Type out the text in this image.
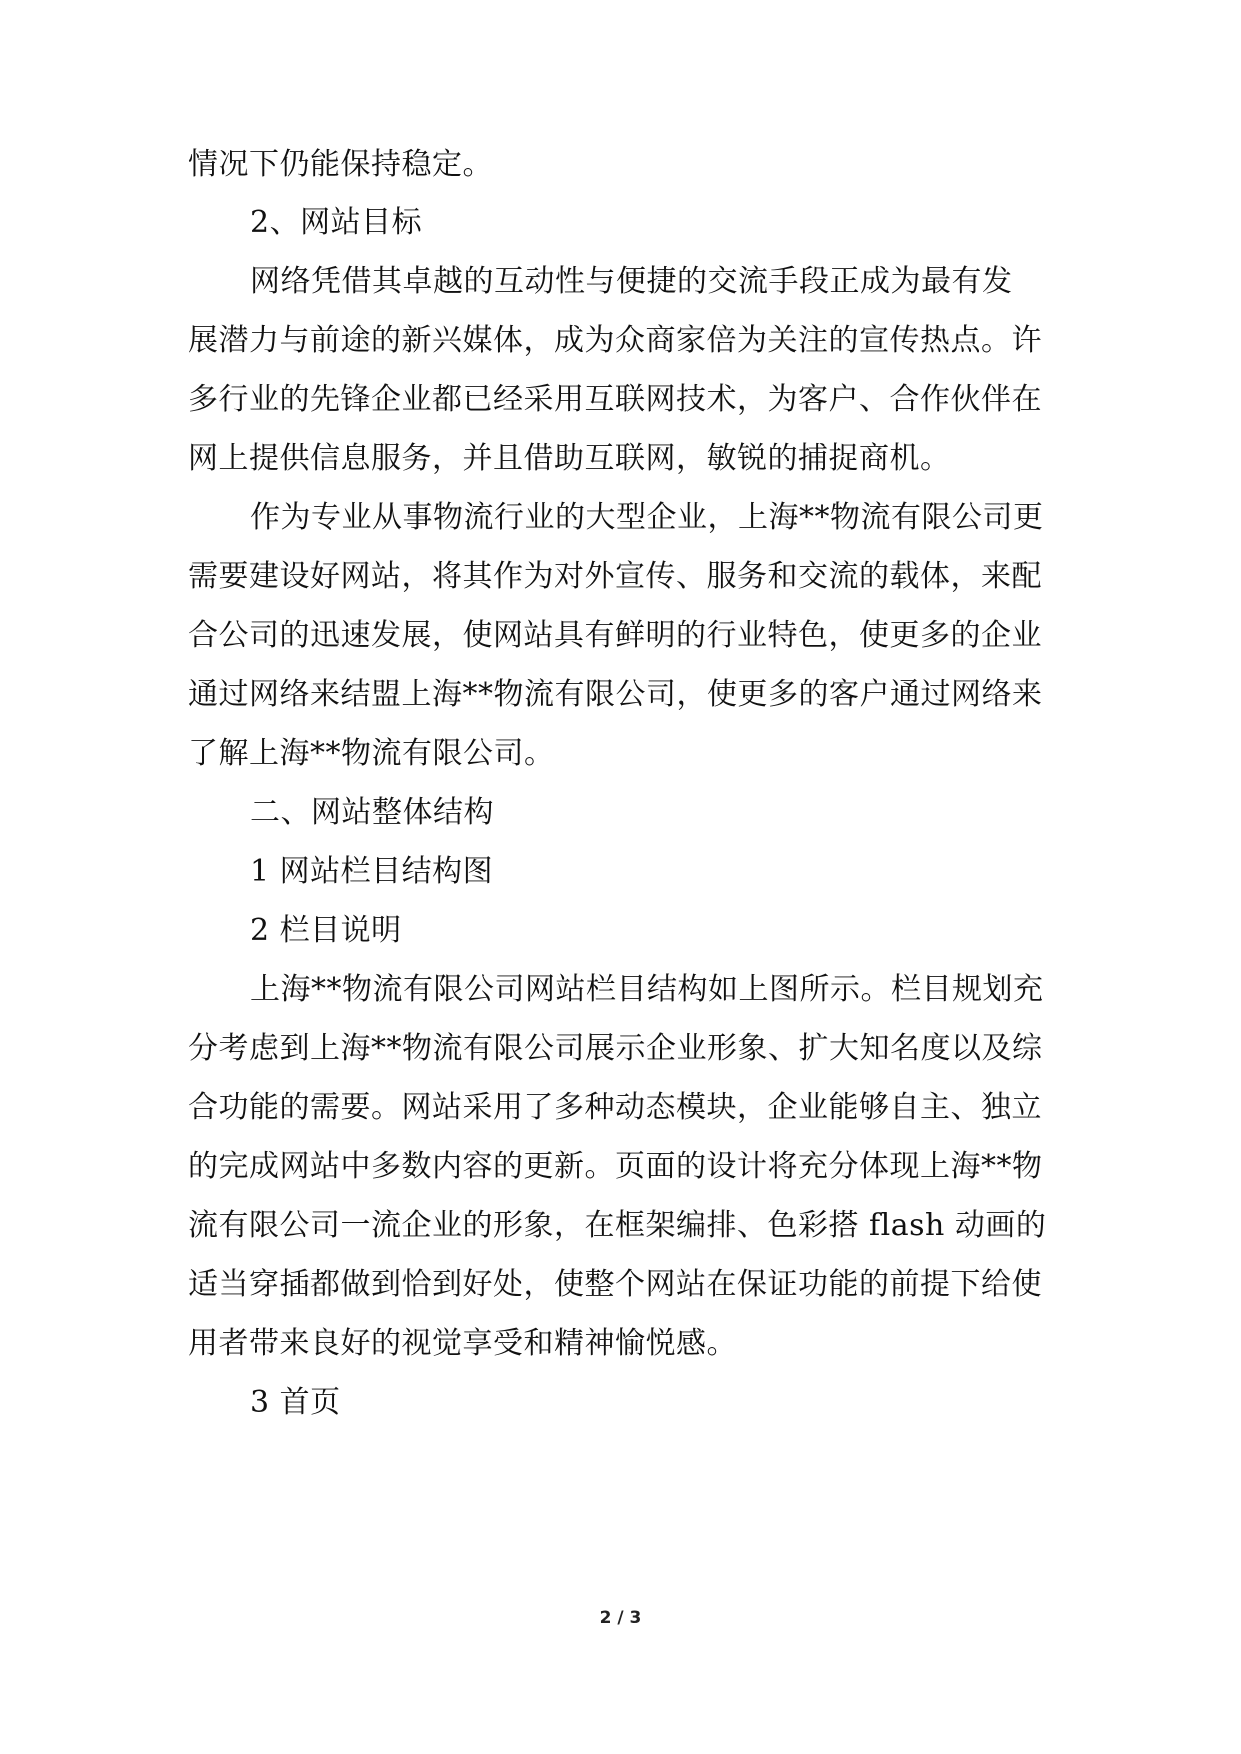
情况下仍能保持稳定。
2、网站目标
网络凭借其卓越的互动性与便捷的交流手段正成为最有发
展潜力与前途的新兴媒体，成为众商家倍为关注的宣传热点。许
多行业的先锋企业都已经采用互联网技术，为客户、合作伙伴在
网上提供信息服务，并且借助互联网，敏锐的捕捉商机。
作为专业从事物流行业的大型企业，上海**物流有限公司更
需要建设好网站，将其作为对外宣传、服务和交流的载体，来配
合公司的迅速发展，使网站具有鲜明的行业特色，使更多的企业
通过网络来结盟上海**物流有限公司，使更多的客户通过网络来
了解上海**物流有限公司。
二、网站整体结构
1 网站栏目结构图
2 栏目说明
上海**物流有限公司网站栏目结构如上图所示。栏目规划充
分考虑到上海**物流有限公司展示企业形象、扩大知名度以及综
合功能的需要。网站采用了多种动态模块，企业能够自主、独立
的完成网站中多数内容的更新。页面的设计将充分体现上海**物
流有限公司一流企业的形象，在框架编排、色彩搭 flash 动画的
适当穿插都做到恰到好处，使整个网站在保证功能的前提下给使
用者带来良好的视觉享受和精神愉悦感。
3 首页
2 / 3
